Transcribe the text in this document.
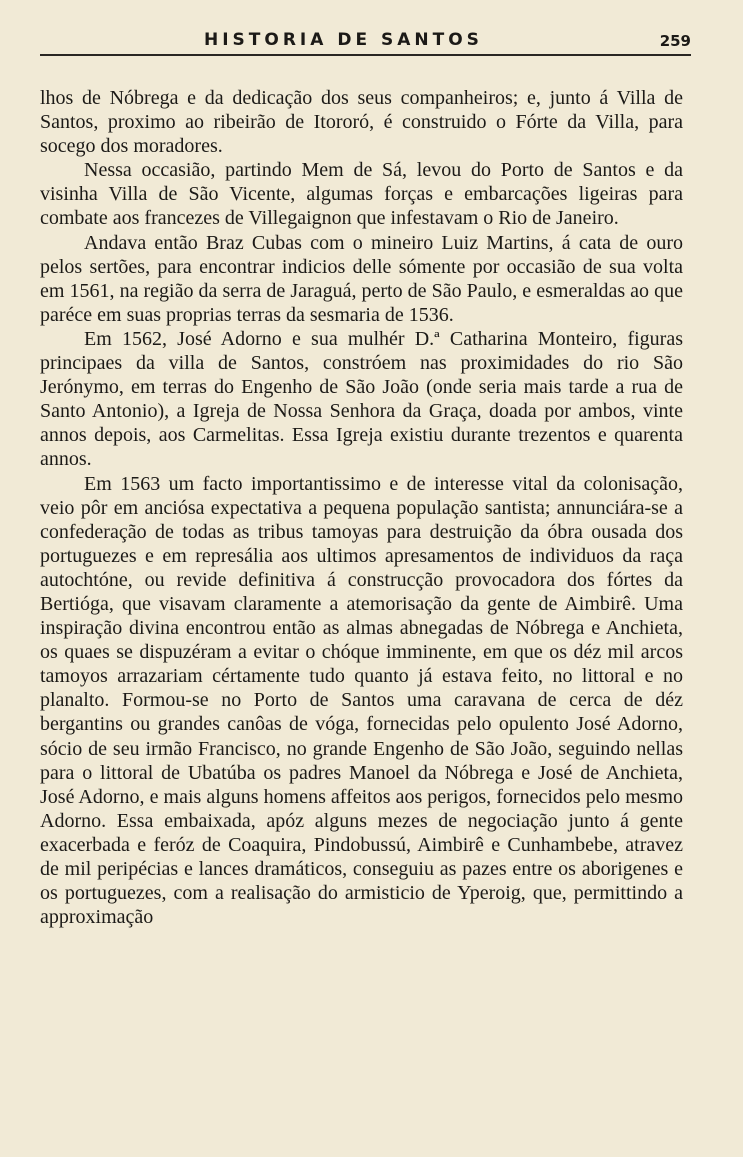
HISTORIA DE SANTOS	259

lhos de Nóbrega e da dedicação dos seus companheiros; e, junto á Villa de Santos, proximo ao ribeirão de Itororó, é construido o Fórte da Villa, para socego dos moradores.

Nessa occasião, partindo Mem de Sá, levou do Porto de Santos e da visinha Villa de São Vicente, algumas forças e embarcações ligeiras para combate aos francezes de Villegaignon que infestavam o Rio de Janeiro.

Andava então Braz Cubas com o mineiro Luiz Martins, á cata de ouro pelos sertões, para encontrar indicios delle sómente por occasião de sua volta em 1561, na região da serra de Jaraguá, perto de São Paulo, e esmeraldas ao que paréce em suas proprias terras da sesmaria de 1536.

Em 1562, José Adorno e sua mulhér D.ª Catharina Monteiro, figuras principaes da villa de Santos, constróem nas proximidades do rio São Jerónymo, em terras do Engenho de São João (onde seria mais tarde a rua de Santo Antonio), a Igreja de Nossa Senhora da Graça, doada por ambos, vinte annos depois, aos Carmelitas. Essa Igreja existiu durante trezentos e quarenta annos.

Em 1563 um facto importantissimo e de interesse vital da colonisação, veio pôr em anciósa expectativa a pequena população santista; annunciára-se a confederação de todas as tribus tamoyas para destruição da óbra ousada dos portuguezes e em represália aos ultimos apresamentos de individuos da raça autochtóne, ou revide definitiva á construcção provocadora dos fórtes da Bertióga, que visavam claramente a atemorisação da gente de Aimbirê. Uma inspiração divina encontrou então as almas abnegadas de Nóbrega e Anchieta, os quaes se dispuzéram a evitar o chóque imminente, em que os déz mil arcos tamoyos arrazariam cértamente tudo quanto já estava feito, no littoral e no planalto. Formou-se no Porto de Santos uma caravana de cerca de déz bergantins ou grandes canôas de vóga, fornecidas pelo opulento José Adorno, sócio de seu irmão Francisco, no grande Engenho de São João, seguindo nellas para o littoral de Ubatúba os padres Manoel da Nóbrega e José de Anchieta, José Adorno, e mais alguns homens affeitos aos perigos, fornecidos pelo mesmo Adorno. Essa embaixada, apóz alguns mezes de negociação junto á gente exacerbada e feróz de Coaquira, Pindobussú, Aimbirê e Cunhambebe, atravez de mil peripécias e lances dramáticos, conseguiu as pazes entre os aborigenes e os portuguezes, com a realisação do armisticio de Yperoig, que, permittindo a approximação
